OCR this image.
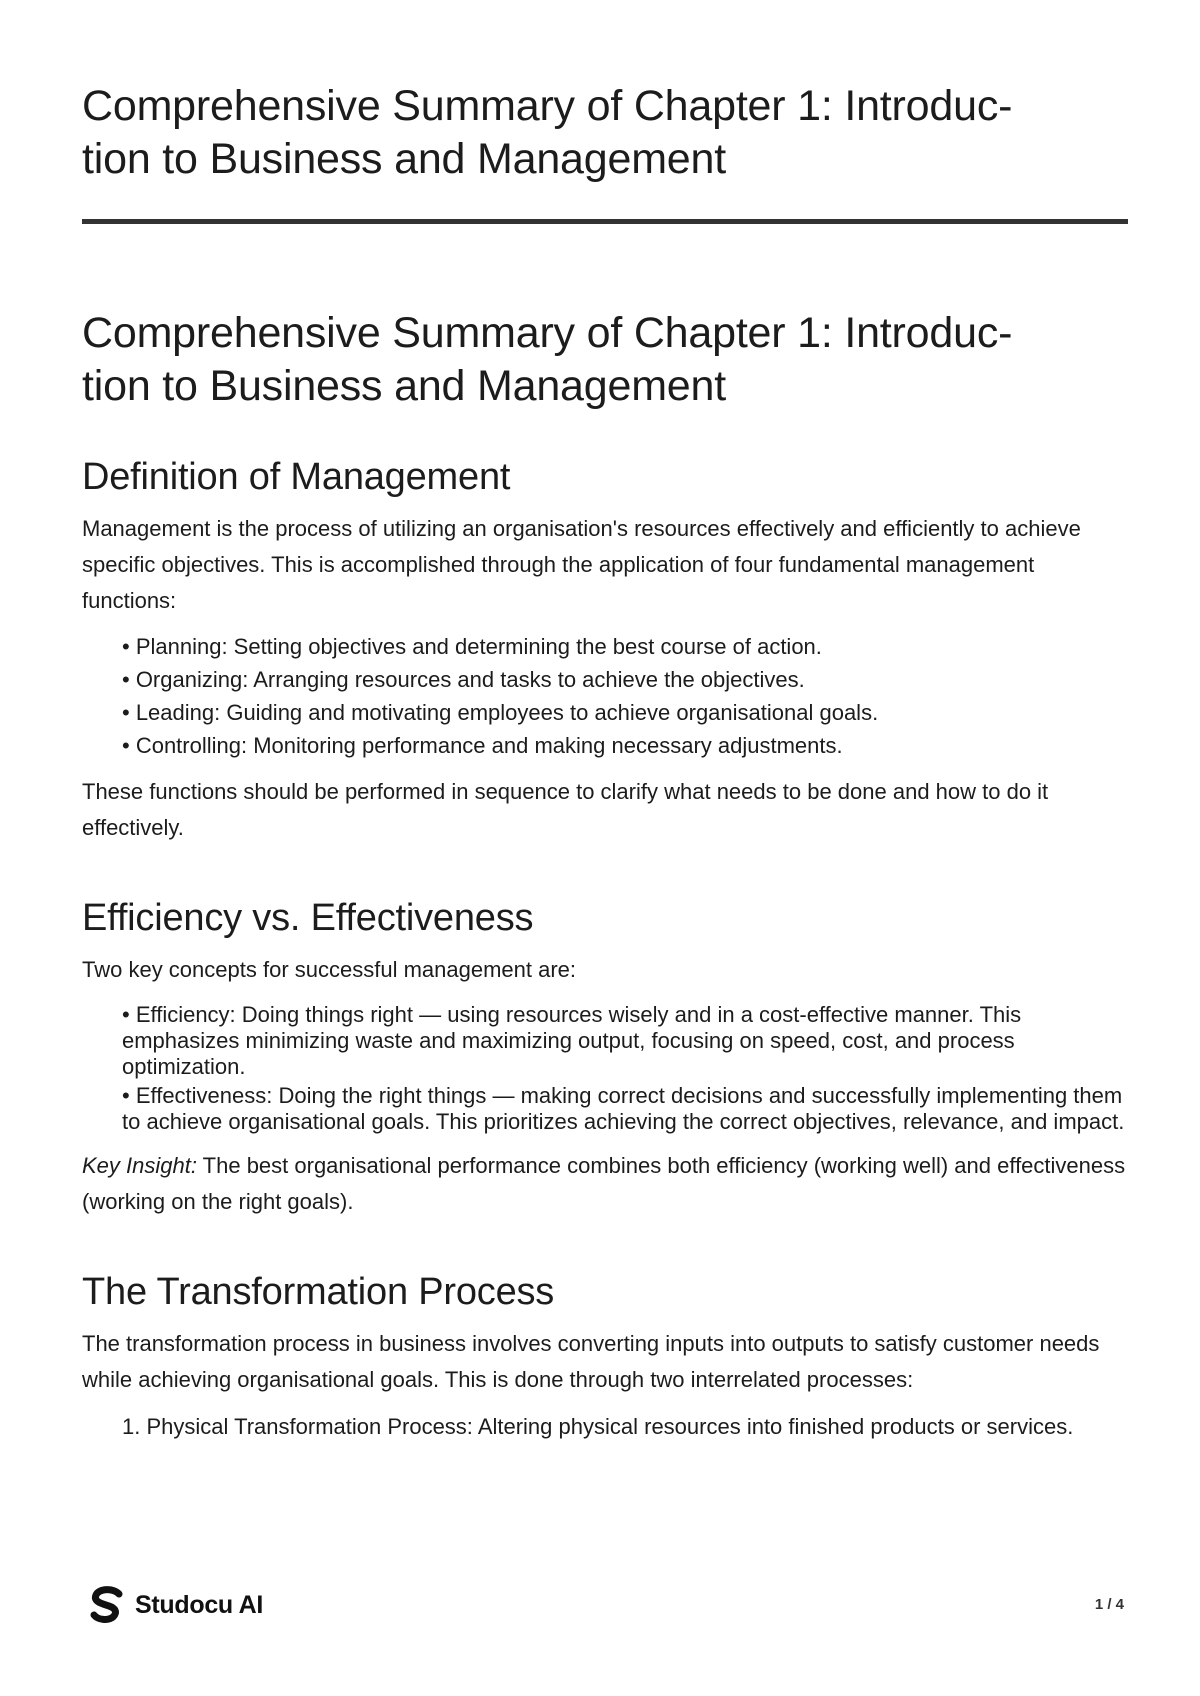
Comprehensive Summary of Chapter 1: Introduc-
tion to Business and Management
Comprehensive Summary of Chapter 1: Introduc-
tion to Business and Management
Definition of Management

Management is the process of utilizing an organisation's resources effectively and efficiently to achieve specific objectives. This is accomplished through the application of four fundamental management functions:

• Planning: Setting objectives and determining the best course of action.
• Organizing: Arranging resources and tasks to achieve the objectives.
• Leading: Guiding and motivating employees to achieve organisational goals.
• Controlling: Monitoring performance and making necessary adjustments.

These functions should be performed in sequence to clarify what needs to be done and how to do it effectively.

Efficiency vs. Effectiveness

Two key concepts for successful management are:

• Efficiency: Doing things right — using resources wisely and in a cost-effective manner. This emphasizes minimizing waste and maximizing output, focusing on speed, cost, and process optimization.
• Effectiveness: Doing the right things — making correct decisions and successfully implementing them to achieve organisational goals. This prioritizes achieving the correct objectives, relevance, and impact.

Key Insight: The best organisational performance combines both efficiency (working well) and effectiveness (working on the right goals).

The Transformation Process

The transformation process in business involves converting inputs into outputs to satisfy customer needs while achieving organisational goals. This is done through two interrelated processes:

1. Physical Transformation Process: Altering physical resources into finished products or services.
Studocu AI	1 / 4
